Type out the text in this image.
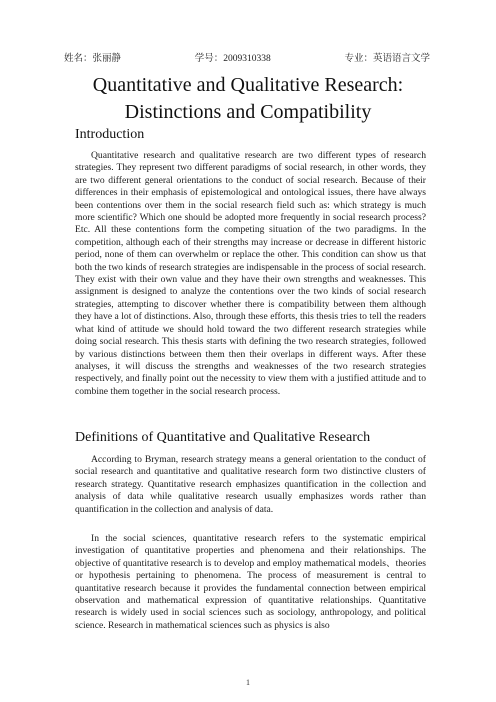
姓名：张丽静	学号：2009310338	专业：英语语言文学
Quantitative and Qualitative Research:
Distinctions and Compatibility
Introduction
Quantitative research and qualitative research are two different types of research strategies. They represent two different paradigms of social research, in other words, they are two different general orientations to the conduct of social research. Because of their differences in their emphasis of epistemological and ontological issues, there have always been contentions over them in the social research field such as: which strategy is much more scientific? Which one should be adopted more frequently in social research process? Etc. All these contentions form the competing situation of the two paradigms. In the competition, although each of their strengths may increase or decrease in different historic period, none of them can overwhelm or replace the other. This condition can show us that both the two kinds of research strategies are indispensable in the process of social research. They exist with their own value and they have their own strengths and weaknesses. This assignment is designed to analyze the contentions over the two kinds of social research strategies, attempting to discover whether there is compatibility between them although they have a lot of distinctions. Also, through these efforts, this thesis tries to tell the readers what kind of attitude we should hold toward the two different research strategies while doing social research. This thesis starts with defining the two research strategies, followed by various distinctions between them then their overlaps in different ways. After these analyses, it will discuss the strengths and weaknesses of the two research strategies respectively, and finally point out the necessity to view them with a justified attitude and to combine them together in the social research process.
Definitions of Quantitative and Qualitative Research
According to Bryman, research strategy means a general orientation to the conduct of social research and quantitative and qualitative research form two distinctive clusters of research strategy. Quantitative research emphasizes quantification in the collection and analysis of data while qualitative research usually emphasizes words rather than quantification in the collection and analysis of data.
In the social sciences, quantitative research refers to the systematic empirical investigation of quantitative properties and phenomena and their relationships. The objective of quantitative research is to develop and employ mathematical models、theories or hypothesis pertaining to phenomena. The process of measurement is central to quantitative research because it provides the fundamental connection between empirical observation and mathematical expression of quantitative relationships. Quantitative research is widely used in social sciences such as sociology, anthropology, and political science. Research in mathematical sciences such as physics is also
1
